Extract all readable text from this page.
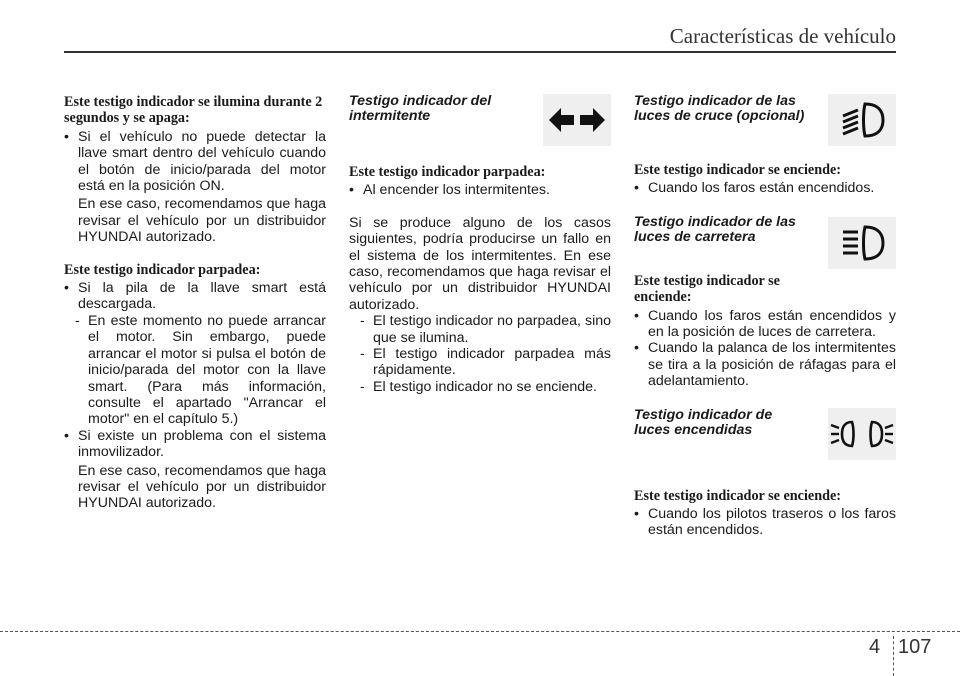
Características de vehículo

Este testigo indicador se ilumina durante 2 segundos y se apaga:

• Si el vehículo no puede detectar la llave smart dentro del vehículo cuando el botón de inicio/parada del motor está en la posición ON.

En ese caso, recomendamos que haga revisar el vehículo por un distribuidor HYUNDAI autorizado.

Este testigo indicador parpadea:

• Si la pila de la llave smart está descargada.
- En este momento no puede arrancar el motor. Sin embargo, puede arrancar el motor si pulsa el botón de inicio/parada del motor con la llave smart. (Para más información, consulte el apartado "Arrancar el motor" en el capítulo 5.)
• Si existe un problema con el sistema inmovilizador.

En ese caso, recomendamos que haga revisar el vehículo por un distribuidor HYUNDAI autorizado.

Testigo indicador del intermitente

Este testigo indicador parpadea:

• Al encender los intermitentes.

Si se produce alguno de los casos siguientes, podría producirse un fallo en el sistema de los intermitentes. En ese caso, recomendamos que haga revisar el vehículo por un distribuidor HYUNDAI autorizado.

- El testigo indicador no parpadea, sino que se ilumina.
- El testigo indicador parpadea más rápidamente.
- El testigo indicador no se enciende.

Testigo indicador de las luces de cruce (opcional)

Este testigo indicador se enciende:

• Cuando los faros están encendidos.

Testigo indicador de las luces de carretera

Este testigo indicador se enciende:

• Cuando los faros están encendidos y en la posición de luces de carretera.
• Cuando la palanca de los intermitentes se tira a la posición de ráfagas para el adelantamiento.

Testigo indicador de luces encendidas

Este testigo indicador se enciende:

• Cuando los pilotos traseros o los faros están encendidos.
4 107
